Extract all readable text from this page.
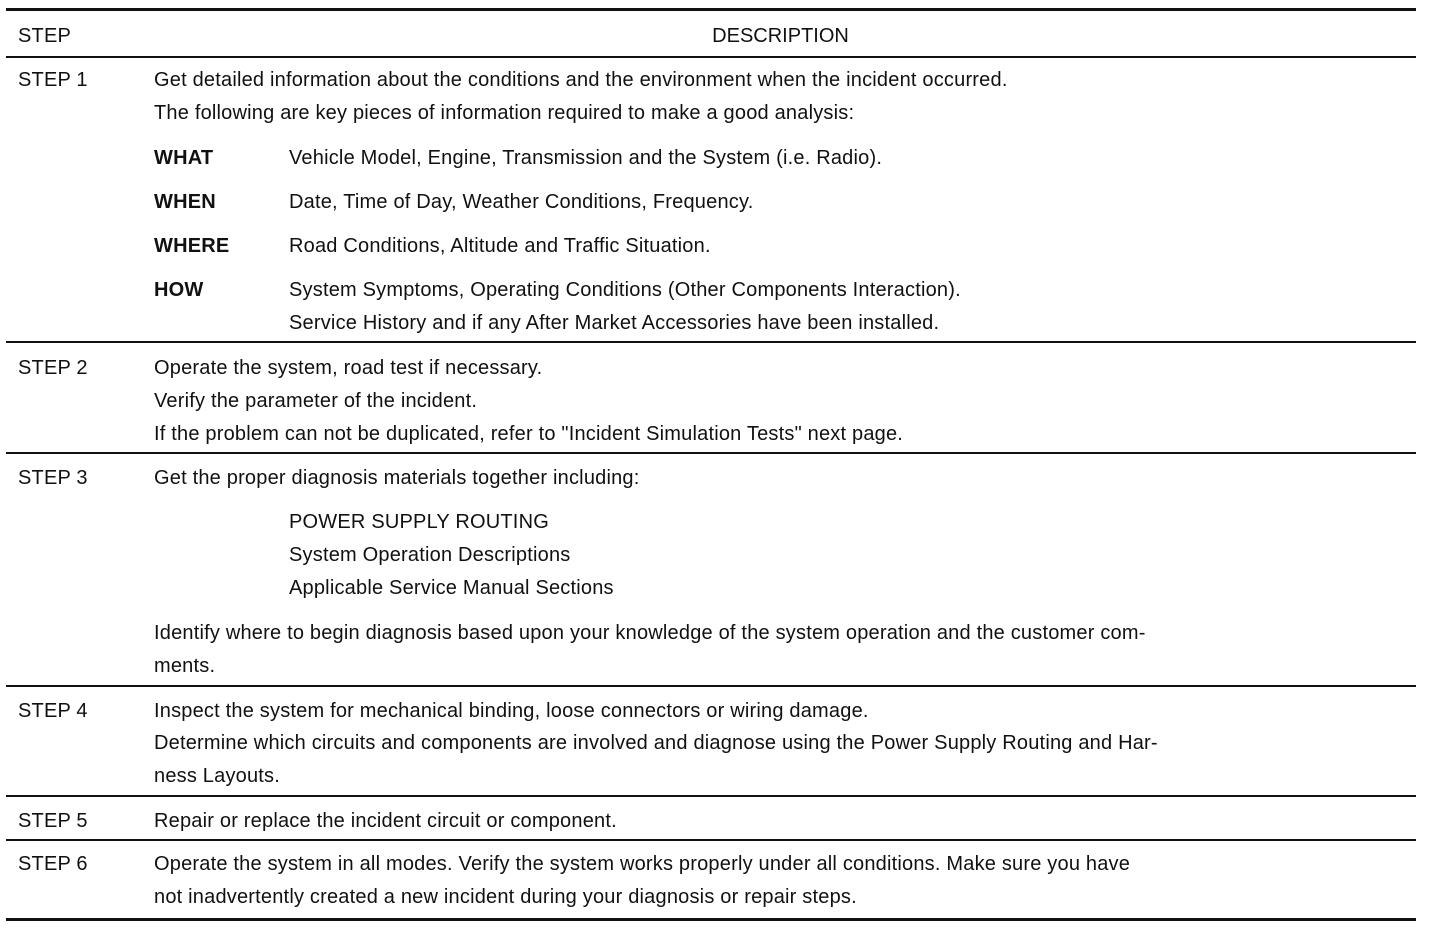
STEP	DESCRIPTION
STEP 1	Get detailed information about the conditions and the environment when the incident occurred.
The following are key pieces of information required to make a good analysis:
WHAT	Vehicle Model, Engine, Transmission and the System (i.e. Radio).
WHEN	Date, Time of Day, Weather Conditions, Frequency.
WHERE	Road Conditions, Altitude and Traffic Situation.
HOW	System Symptoms, Operating Conditions (Other Components Interaction).
Service History and if any After Market Accessories have been installed.
STEP 2	Operate the system, road test if necessary.
Verify the parameter of the incident.
If the problem can not be duplicated, refer to "Incident Simulation Tests" next page.
STEP 3	Get the proper diagnosis materials together including:
POWER SUPPLY ROUTING
System Operation Descriptions
Applicable Service Manual Sections
Identify where to begin diagnosis based upon your knowledge of the system operation and the customer com-
ments.
STEP 4	Inspect the system for mechanical binding, loose connectors or wiring damage.
Determine which circuits and components are involved and diagnose using the Power Supply Routing and Har-
ness Layouts.
STEP 5	Repair or replace the incident circuit or component.
STEP 6	Operate the system in all modes. Verify the system works properly under all conditions. Make sure you have
not inadvertently created a new incident during your diagnosis or repair steps.
